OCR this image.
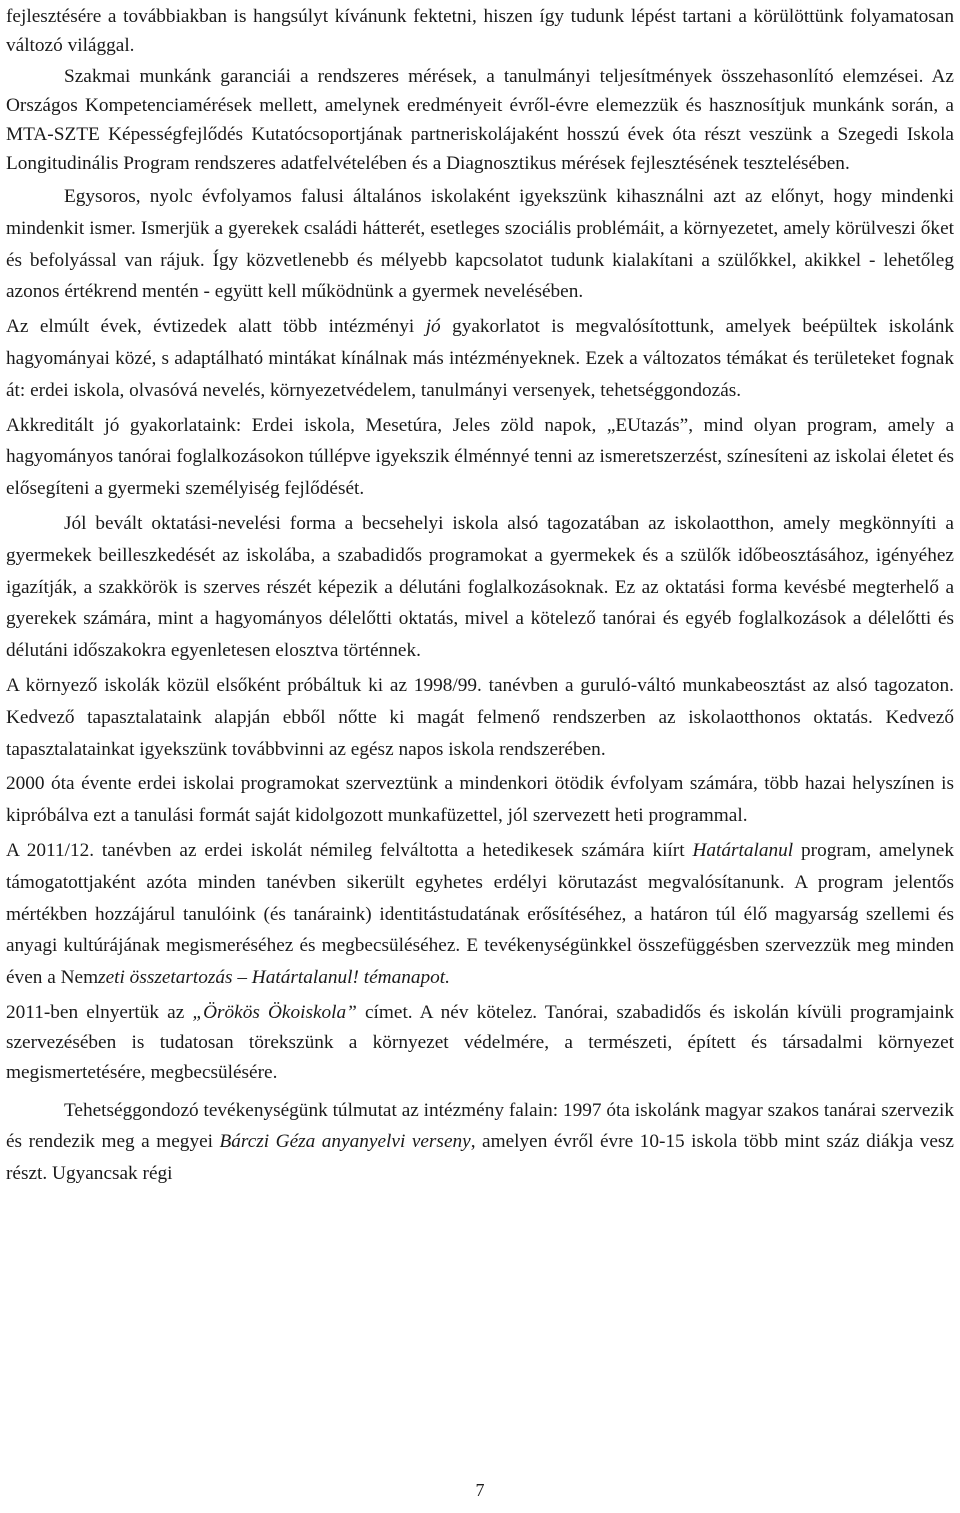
fejlesztésére a továbbiakban is hangsúlyt kívánunk fektetni, hiszen így tudunk lépést tartani a körülöttünk folyamatosan változó világgal.

Szakmai munkánk garanciái a rendszeres mérések, a tanulmányi teljesítmények összehasonlító elemzései. Az Országos Kompetenciamérések mellett, amelynek eredményeit évről-évre elemezzük és hasznosítjuk munkánk során, a MTA-SZTE Képességfejlődés Kutatócsoportjának partneriskolájaként hosszú évek óta részt veszünk a Szegedi Iskola Longitudinális Program rendszeres adatfelvételében és a Diagnosztikus mérések fejlesztésének tesztelésében.

Egysoros, nyolc évfolyamos falusi általános iskolaként igyekszünk kihasználni azt az előnyt, hogy mindenki mindenkit ismer. Ismerjük a gyerekek családi hátterét, esetleges szociális problémáit, a környezetet, amely körülveszi őket és befolyással van rájuk. Így közvetlenebb és mélyebb kapcsolatot tudunk kialakítani a szülőkkel, akikkel - lehetőleg azonos értékrend mentén - együtt kell működnünk a gyermek nevelésében.

Az elmúlt évek, évtizedek alatt több intézményi jó gyakorlatot is megvalósítottunk, amelyek beépültek iskolánk hagyományai közé, s adaptálható mintákat kínálnak más intézményeknek. Ezek a változatos témákat és területeket fognak át: erdei iskola, olvasóvá nevelés, környezetvédelem, tanulmányi versenyek, tehetséggondozás.

Akkreditált jó gyakorlataink: Erdei iskola, Mesetúra, Jeles zöld napok, „EUtazás”, mind olyan program, amely a hagyományos tanórai foglalkozásokon túllépve igyekszik élménnyé tenni az ismeretszerzést, színesíteni az iskolai életet és elősegíteni a gyermeki személyiség fejlődését.

Jól bevált oktatási-nevelési forma a becsehelyi iskola alsó tagozatában az iskolaotthon, amely megkönnyíti a gyermekek beilleszkedését az iskolába, a szabadidős programokat a gyermekek és a szülők időbeosztásához, igényéhez igazítják, a szakkörök is szerves részét képezik a délutáni foglalkozásoknak. Ez az oktatási forma kevésbé megterhelő a gyerekek számára, mint a hagyományos délelőtti oktatás, mivel a kötelező tanórai és egyéb foglalkozások a délelőtti és délutáni időszakokra egyenletesen elosztva történnek.

A környező iskolák közül elsőként próbáltuk ki az 1998/99. tanévben a guruló-váltó munkabeosztást az alsó tagozaton. Kedvező tapasztalataink alapján ebből nőtte ki magát felmenő rendszerben az iskolaotthonos oktatás. Kedvező tapasztalatainkat igyekszünk továbbvinni az egész napos iskola rendszerében.

2000 óta évente erdei iskolai programokat szerveztünk a mindenkori ötödik évfolyam számára, több hazai helyszínen is kipróbálva ezt a tanulási formát saját kidolgozott munkafüzettel, jól szervezett heti programmal.

A 2011/12. tanévben az erdei iskolát némileg felváltotta a hetedikesek számára kiírt Határtalanul program, amelynek támogatottjaként azóta minden tanévben sikerült egyhetes erdélyi körutazást megvalósítanunk. A program jelentős mértékben hozzájárul tanulóink (és tanáraink) identitástudatának erősítéséhez, a határon túl élő magyarság szellemi és anyagi kultúrájának megismeréséhez és megbecsüléséhez. E tevékenységünkkel összefüggésben szervezzük meg minden éven a Nemzeti összetartozás – Határtalanul! témanapot.

2011-ben elnyertük az „Örökös Ökoiskola” címet. A név kötelez. Tanórai, szabadidős és iskolán kívüli programjaink szervezésében is tudatosan törekszünk a környezet védelmére, a természeti, épített és társadalmi környezet megismertetésére, megbecsülésére.

Tehetséggondozó tevékenységünk túlmutat az intézmény falain: 1997 óta iskolánk magyar szakos tanárai szervezik és rendezik meg a megyei Bárczi Géza anyanyelvi verseny, amelyen évről évre 10-15 iskola több mint száz diákja vesz részt. Ugyancsak régi

7
